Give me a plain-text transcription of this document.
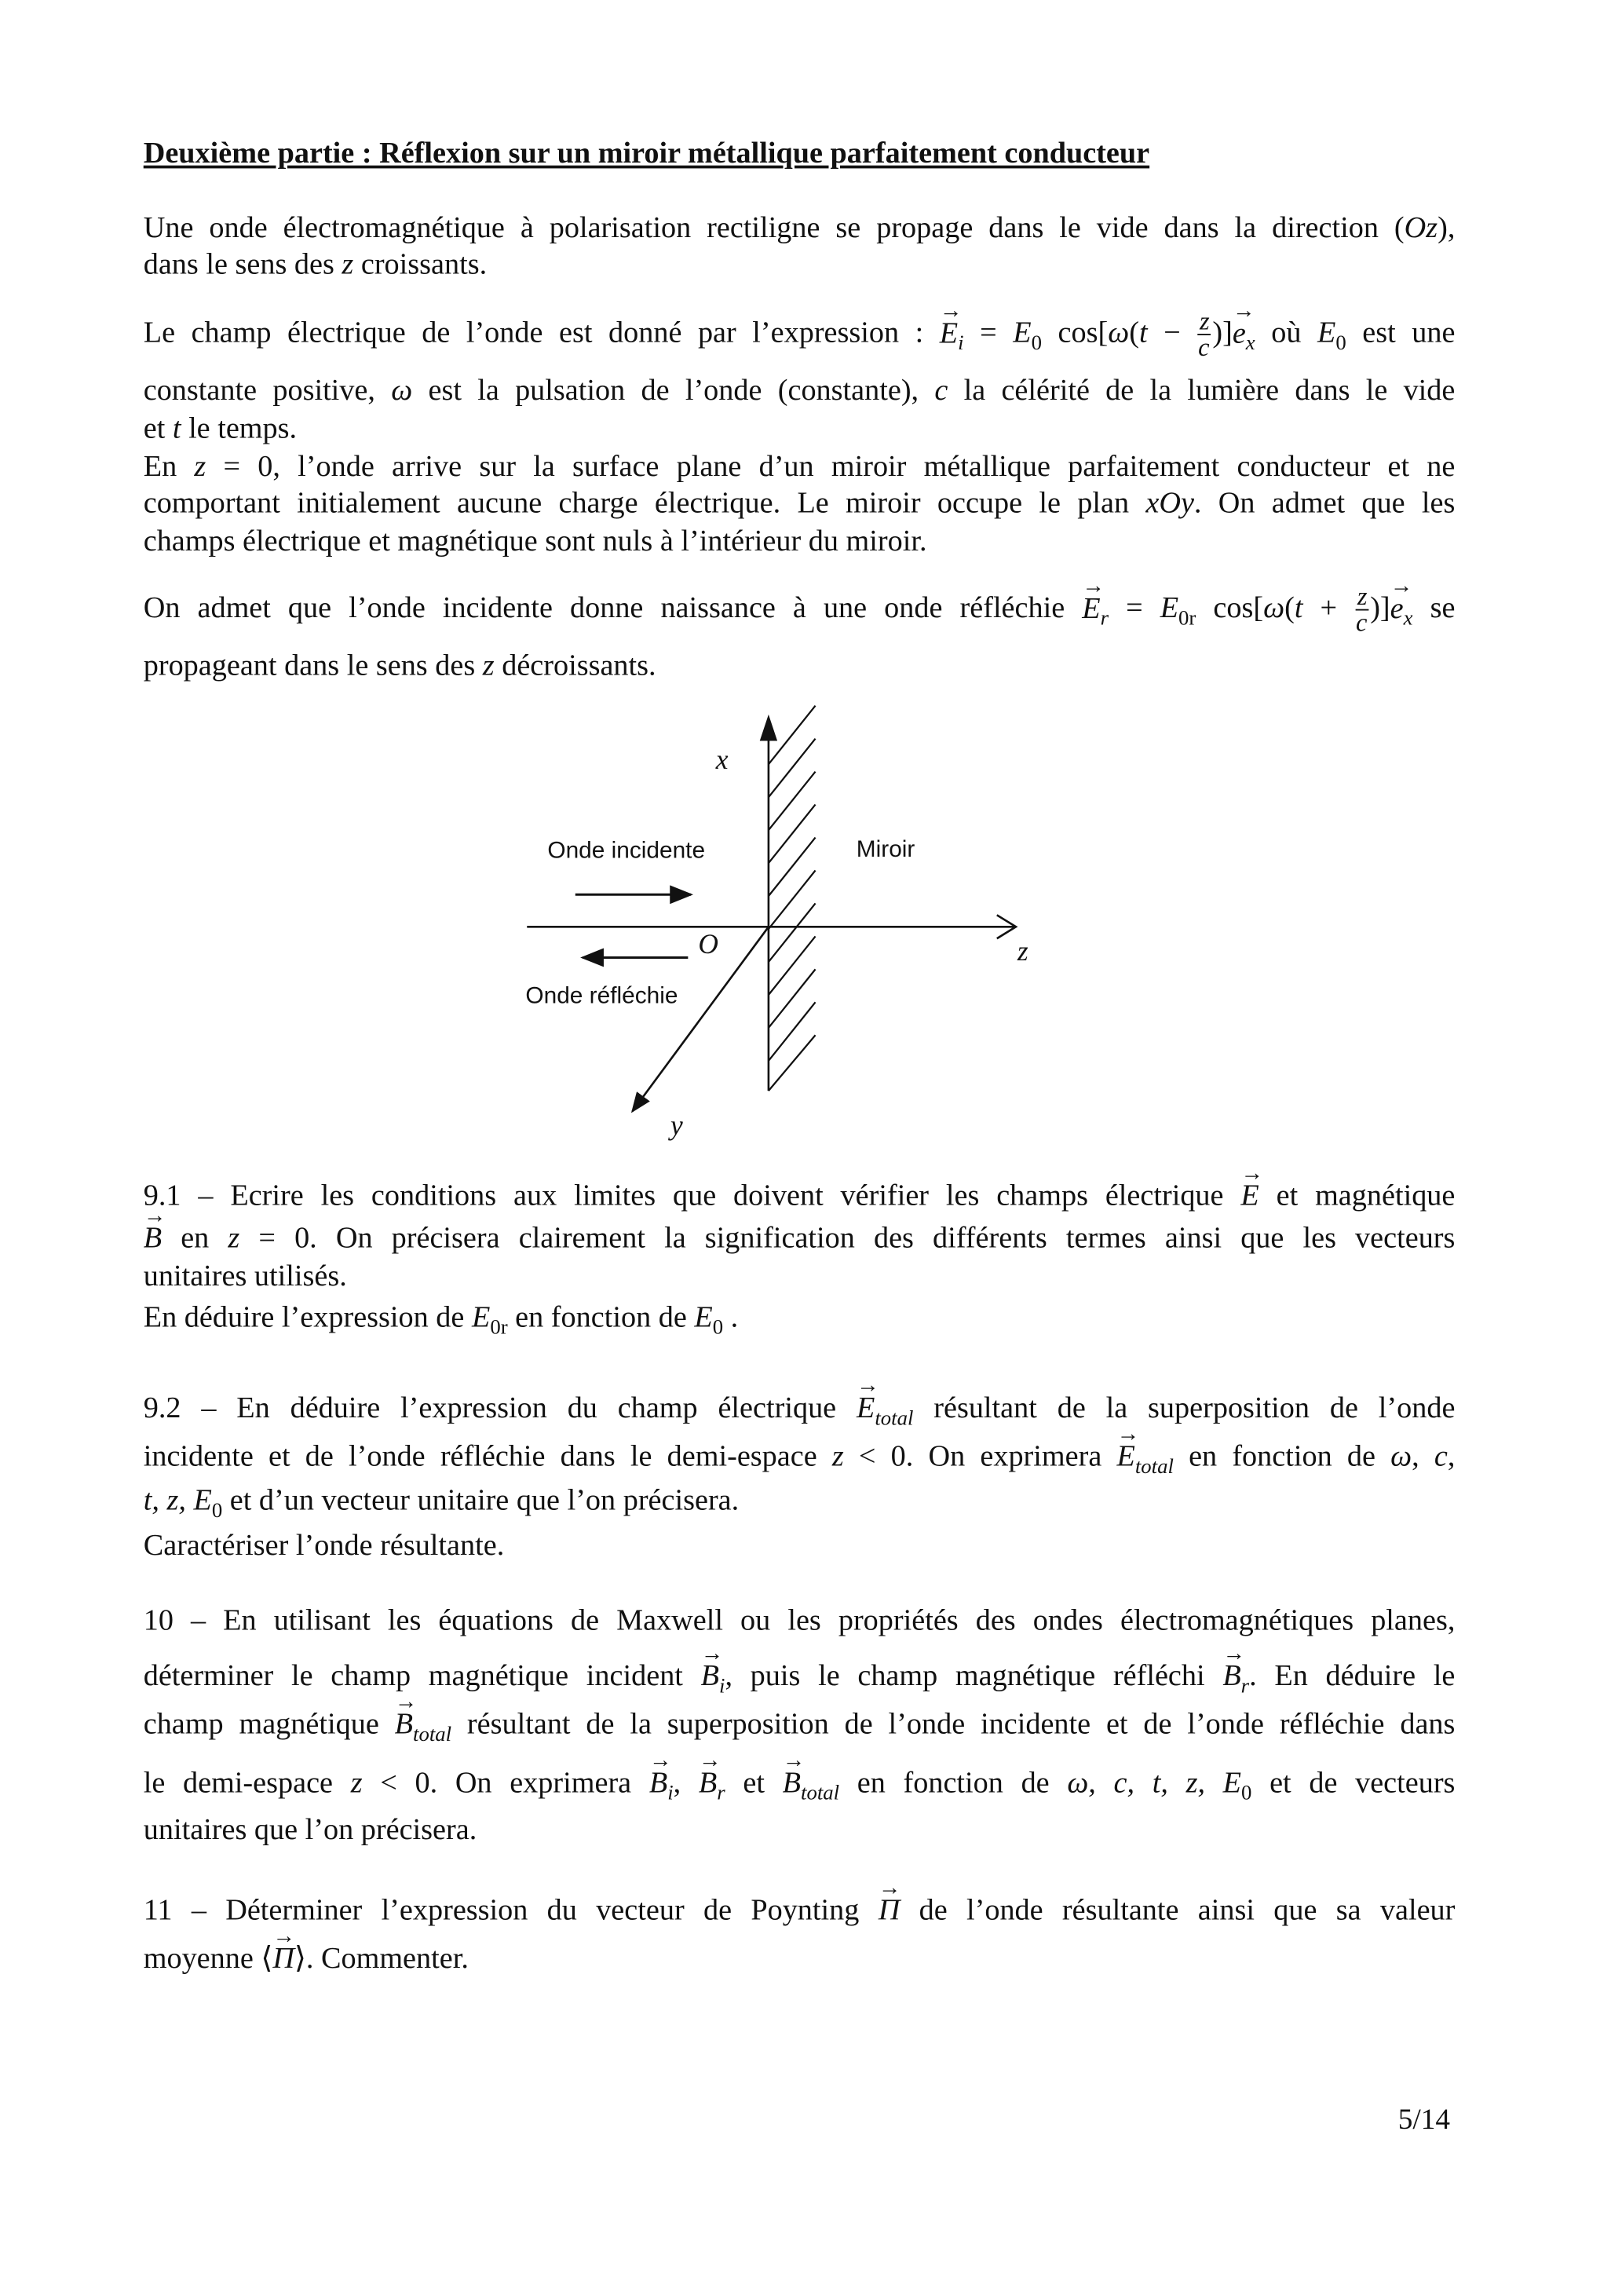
Deuxième partie : Réflexion sur un miroir métallique parfaitement conducteur
Une onde électromagnétique à polarisation rectiligne se propage dans le vide dans la direction (Oz),
dans le sens des z croissants.
Le champ électrique de l’onde est donné par l’expression : → $E_i = E_0$ $\cos[\omega(t - \frac{z}{c}$ )]→ $e_x$ où $E_0$ est une
constante positive, ω est la pulsation de l’onde (constante), c la célérité de la lumière dans le vide
et t le temps.
En z = 0, l’onde arrive sur la surface plane d’un miroir métallique parfaitement conducteur et ne
comportant initialement aucune charge électrique. Le miroir occupe le plan xOy. On admet que les
champs électrique et magnétique sont nuls à l’intérieur du miroir.
On admet que l’onde incidente donne naissance à une onde réfléchie → $E_r = E_{0r}$ $\cos[\omega(t + \frac{z}{c}$ )]→ $e_x$ se
propageant dans le sens des z décroissants.
x
O	z
y
Onde incidente
Onde réfléchie
Miroir
9.1 – Ecrire les conditions aux limites que doivent vérifier les champs électrique → E et magnétique
→ B en z = 0. On précisera clairement la signification des différents termes ainsi que les vecteurs
unitaires utilisés.
En déduire l’expression de $E_{0r}$ en fonction de $E_0$ .
9.2 – En déduire l’expression du champ électrique → $E_{total}$ résultant de la superposition de l’onde
incidente et de l’onde réfléchie dans le demi-espace z < 0. On exprimera → $E_{total}$ en fonction de ω, c,
t, z, $E_0$ et d’un vecteur unitaire que l’on précisera.
Caractériser l’onde résultante.
10 – En utilisant les équations de Maxwell ou les propriétés des ondes électromagnétiques planes,
déterminer le champ magnétique incident → $B_i$, puis le champ magnétique réfléchi → $B_r$. En déduire le
champ magnétique → $B_{total}$ résultant de la superposition de l’onde incidente et de l’onde réfléchie dans
le demi-espace z < 0. On exprimera → $B_i$, → $B_r$ et → $B_{total}$ en fonction de ω, c, t, z, $E_0$ et de vecteurs
unitaires que l’on précisera.
11 – Déterminer l’expression du vecteur de Poynting → Π de l’onde résultante ainsi que sa valeur
moyenne ⟨→ Π⟩. Commenter.
5/14
